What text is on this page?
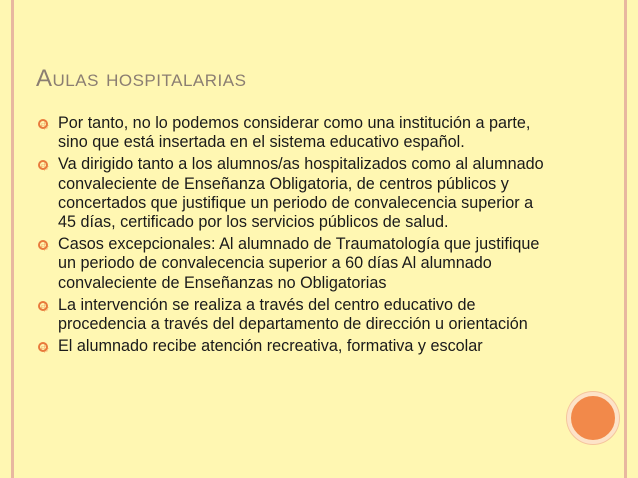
Aulas hospitalarias
⯐
Por tanto, no lo podemos considerar como una institución a parte, sino que está insertada en el sistema educativo español.
⯐
Va dirigido tanto a los alumnos/as hospitalizados como al alumnado convaleciente de Enseñanza Obligatoria, de centros públicos y concertados que justifique un periodo de convalecencia superior a 45 días, certificado por los servicios públicos de salud.
⯐
Casos excepcionales: Al alumnado de Traumatología que justifique un periodo de convalecencia superior a 60 días Al alumnado convaleciente de Enseñanzas no Obligatorias
⯐
La intervención se realiza a través del centro educativo de procedencia a través del departamento de dirección u orientación
⯐
El alumnado recibe atención recreativa, formativa y escolar
